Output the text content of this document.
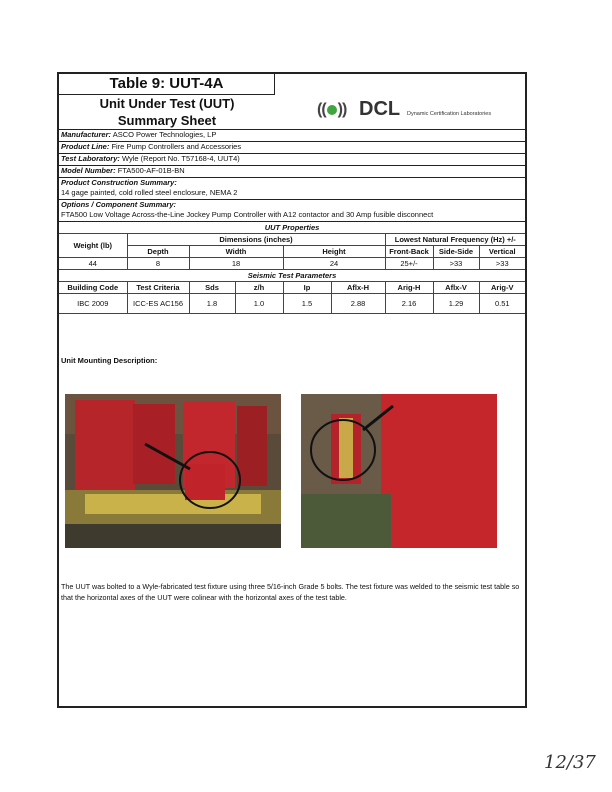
Table 9: UUT-4A
Unit Under Test (UUT)
Summary Sheet
(( )) DCL Dynamic Certification Laboratories
Manufacturer: ASCO Power Technologies, LP
Product Line: Fire Pump Controllers and Accessories
Test Laboratory: Wyle (Report No. T57168-4, UUT4)
Model Number: FTA500-AF-01B-BN
Product Construction Summary:
14 gage painted, cold rolled steel enclosure, NEMA 2
Options / Component Summary:
FTA500 Low Voltage Across-the-Line Jockey Pump Controller with A12 contactor and 30 Amp fusible disconnect
UUT Properties								
Weight (lb)	Dimensions (inches)					Lowest Natural Frequency (Hz) +/-		
	Depth	Width		Height		Front-Back	Side-Side	Vertical
44	8	18		24		25+/-	>33	>33
Seismic Test Parameters								
Building Code	Test Criteria	Sds	z/h	Ip	Aflx-H	Arig-H	Aflx-V	Arig-V
IBC 2009	ICC-ES AC156	1.8	1.0	1.5	2.88	2.16	1.29	0.51
Unit Mounting Description:
The UUT was bolted to a Wyle-fabricated test fixture using three 5/16-inch Grade 5 bolts. The test fixture was welded to the seismic test table so that the horizontal axes of the UUT were colinear with the horizontal axes of the test table.
12/37
